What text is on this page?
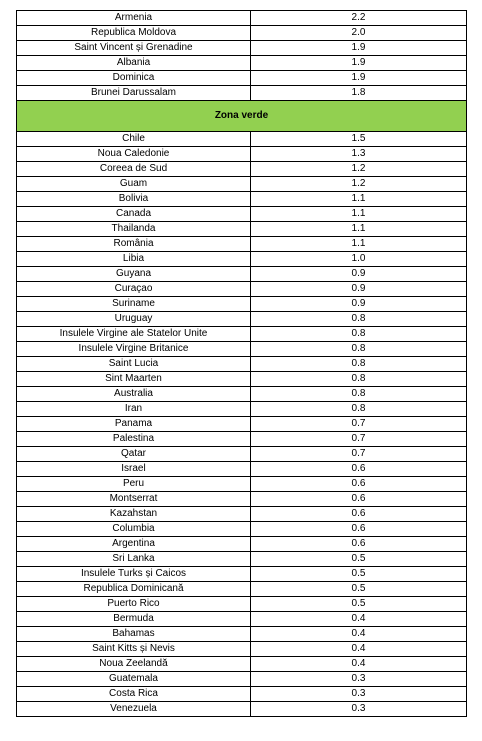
Armenia	2.2
Republica Moldova	2.0
Saint Vincent și Grenadine	1.9
Albania	1.9
Dominica	1.9
Brunei Darussalam	1.8
Zona verde	
Chile	1.5
Noua Caledonie	1.3
Coreea de Sud	1.2
Guam	1.2
Bolivia	1.1
Canada	1.1
Thailanda	1.1
România	1.1
Libia	1.0
Guyana	0.9
Curaçao	0.9
Suriname	0.9
Uruguay	0.8
Insulele Virgine ale Statelor Unite	0.8
Insulele Virgine Britanice	0.8
Saint Lucia	0.8
Sint Maarten	0.8
Australia	0.8
Iran	0.8
Panama	0.7
Palestina	0.7
Qatar	0.7
Israel	0.6
Peru	0.6
Montserrat	0.6
Kazahstan	0.6
Columbia	0.6
Argentina	0.6
Sri Lanka	0.5
Insulele Turks și Caicos	0.5
Republica Dominicană	0.5
Puerto Rico	0.5
Bermuda	0.4
Bahamas	0.4
Saint Kitts și Nevis	0.4
Noua Zeelandă	0.4
Guatemala	0.3
Costa Rica	0.3
Venezuela	0.3
